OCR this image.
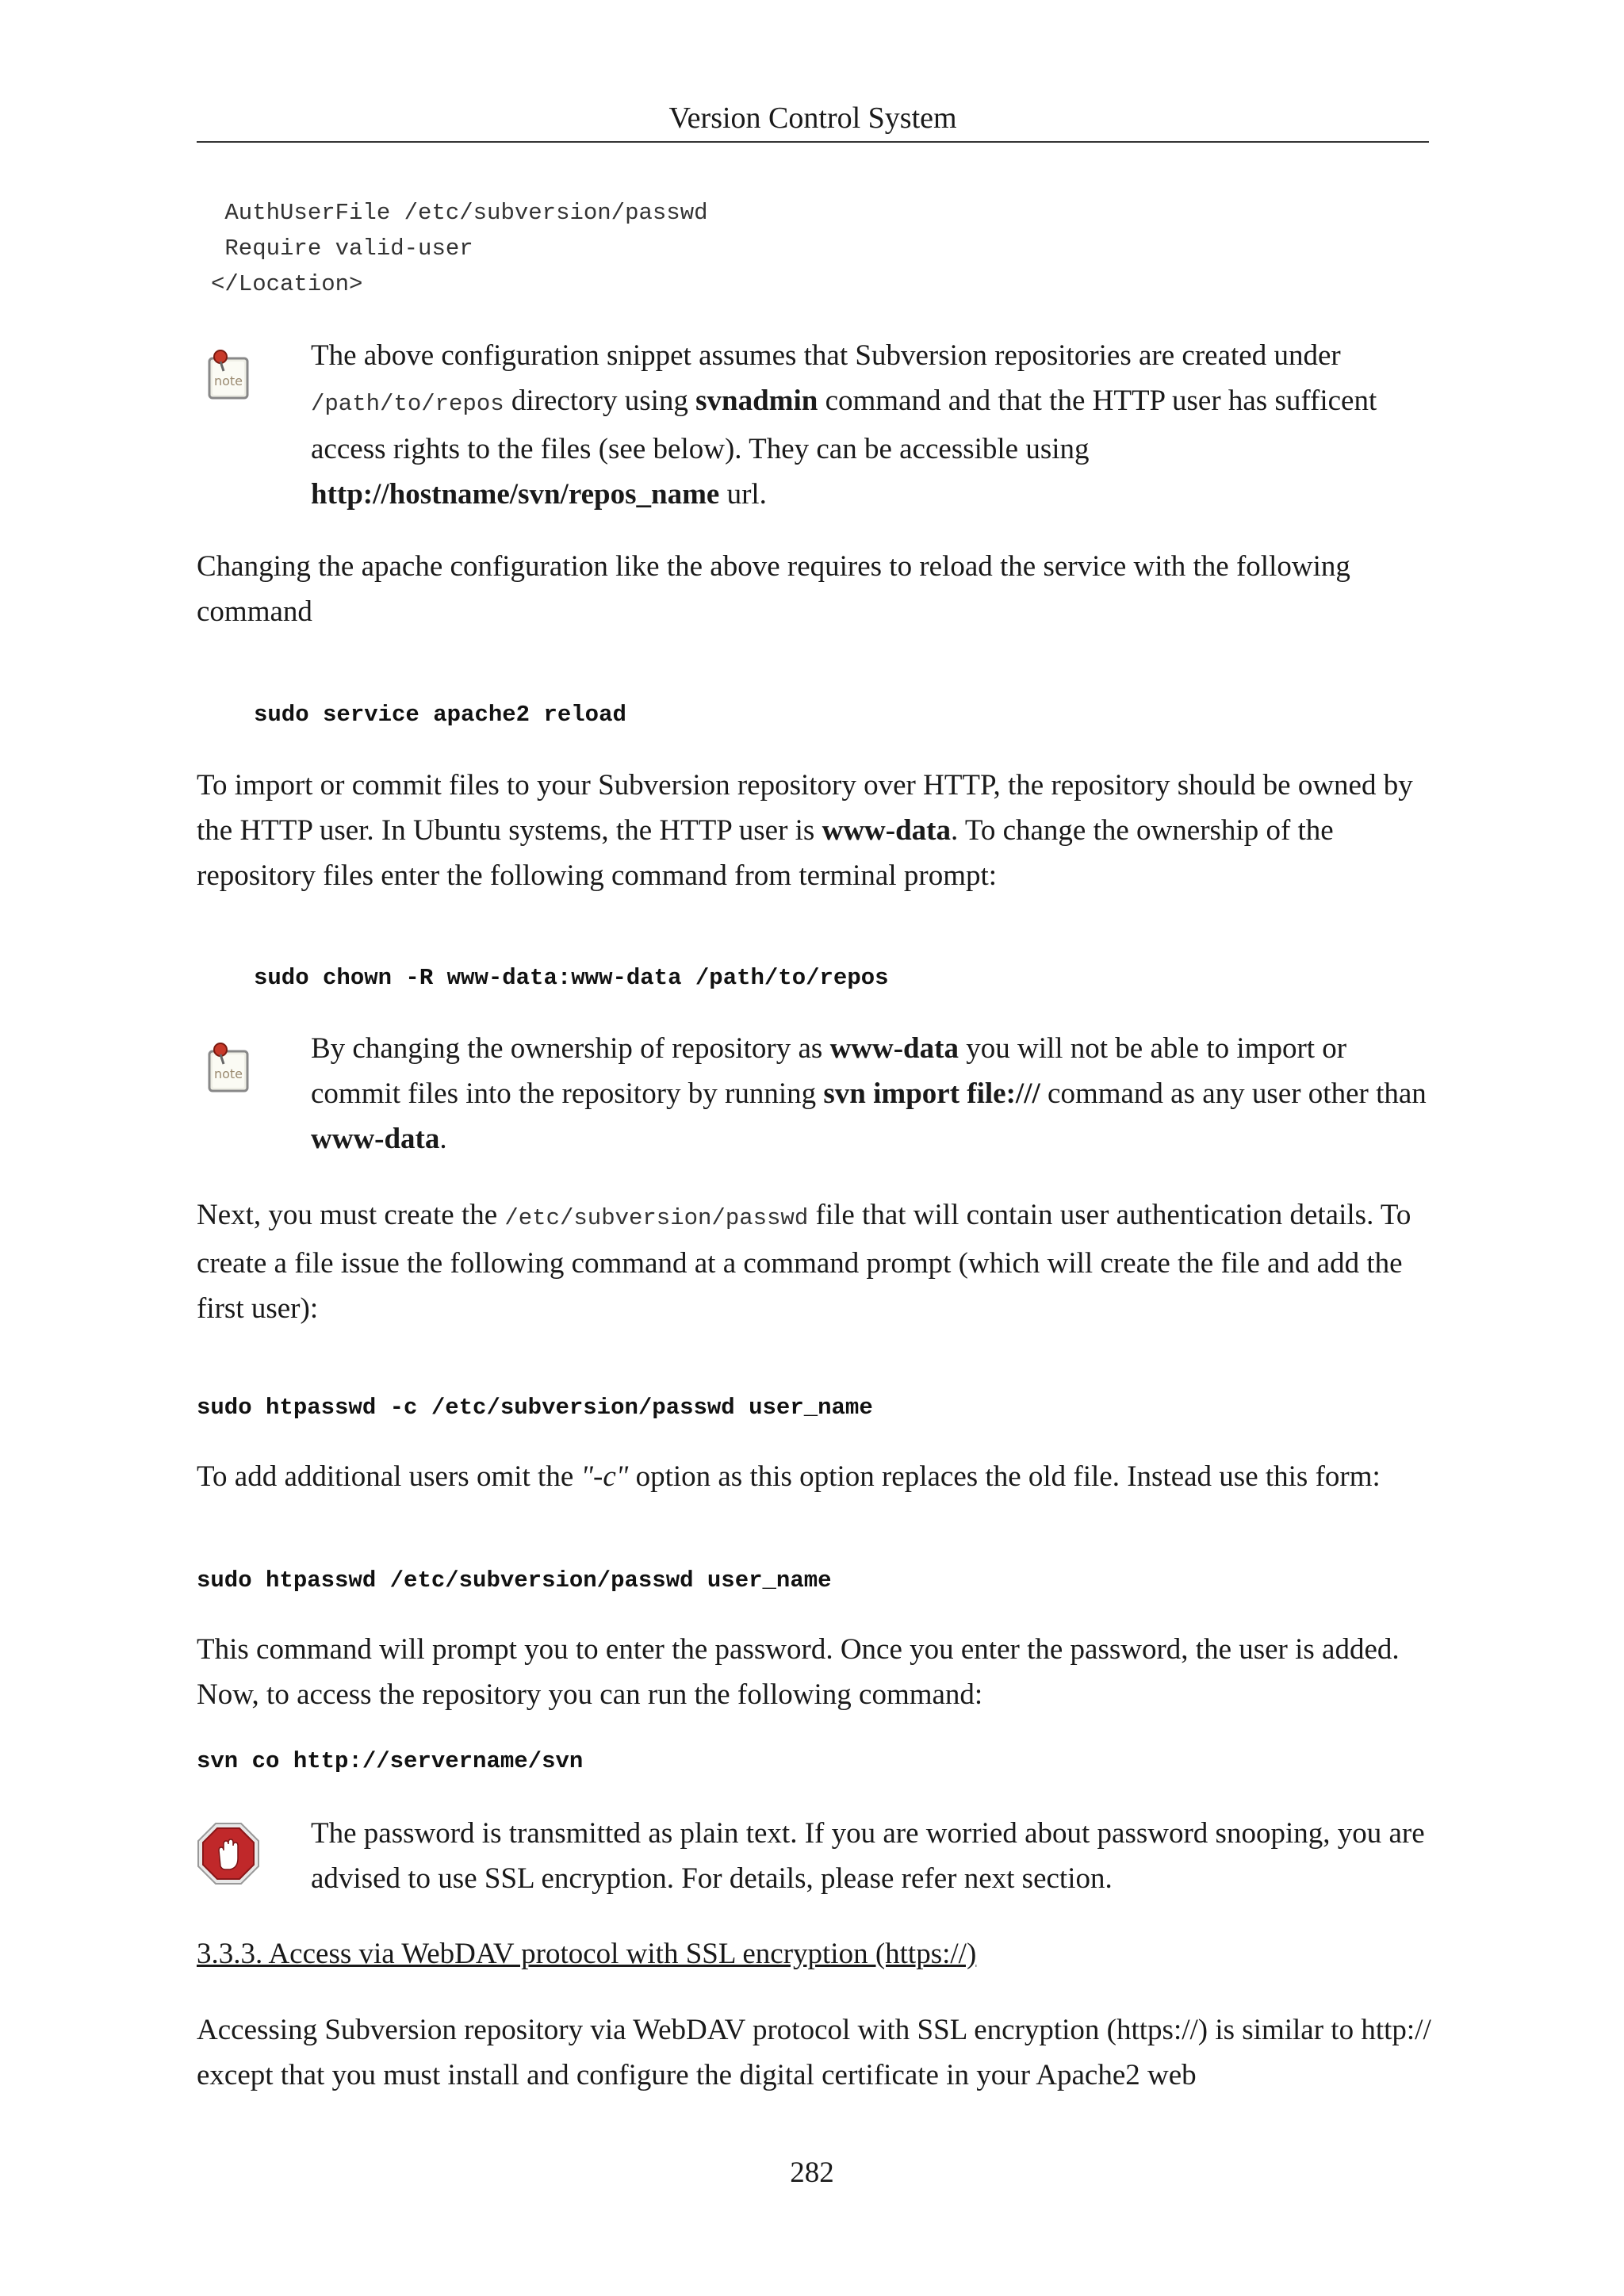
Version Control System
AuthUserFile /etc/subversion/passwd
Require valid-user
</Location>
note

The above configuration snippet assumes that Subversion repositories are created under /path/to/repos directory using svnadmin command and that the HTTP user has sufficent access rights to the files (see below). They can be accessible using http://hostname/svn/repos_name url.

Changing the apache configuration like the above requires to reload the service with the following command

sudo service apache2 reload

To import or commit files to your Subversion repository over HTTP, the repository should be owned by the HTTP user. In Ubuntu systems, the HTTP user is www-data. To change the ownership of the repository files enter the following command from terminal prompt:

sudo chown -R www-data:www-data /path/to/repos
note

By changing the ownership of repository as www-data you will not be able to import or commit files into the repository by running svn import file:/// command as any user other than www-data.

Next, you must create the /etc/subversion/passwd file that will contain user authentication details. To create a file issue the following command at a command prompt (which will create the file and add the first user):

sudo htpasswd -c /etc/subversion/passwd user_name

To add additional users omit the "-c" option as this option replaces the old file. Instead use this form:

sudo htpasswd /etc/subversion/passwd user_name

This command will prompt you to enter the password. Once you enter the password, the user is added. Now, to access the repository you can run the following command:

svn co http://servername/svn

The password is transmitted as plain text. If you are worried about password snooping, you are advised to use SSL encryption. For details, please refer next section.

3.3.3. Access via WebDAV protocol with SSL encryption (https://)

Accessing Subversion repository via WebDAV protocol with SSL encryption (https://) is similar to http:// except that you must install and configure the digital certificate in your Apache2 web

282
